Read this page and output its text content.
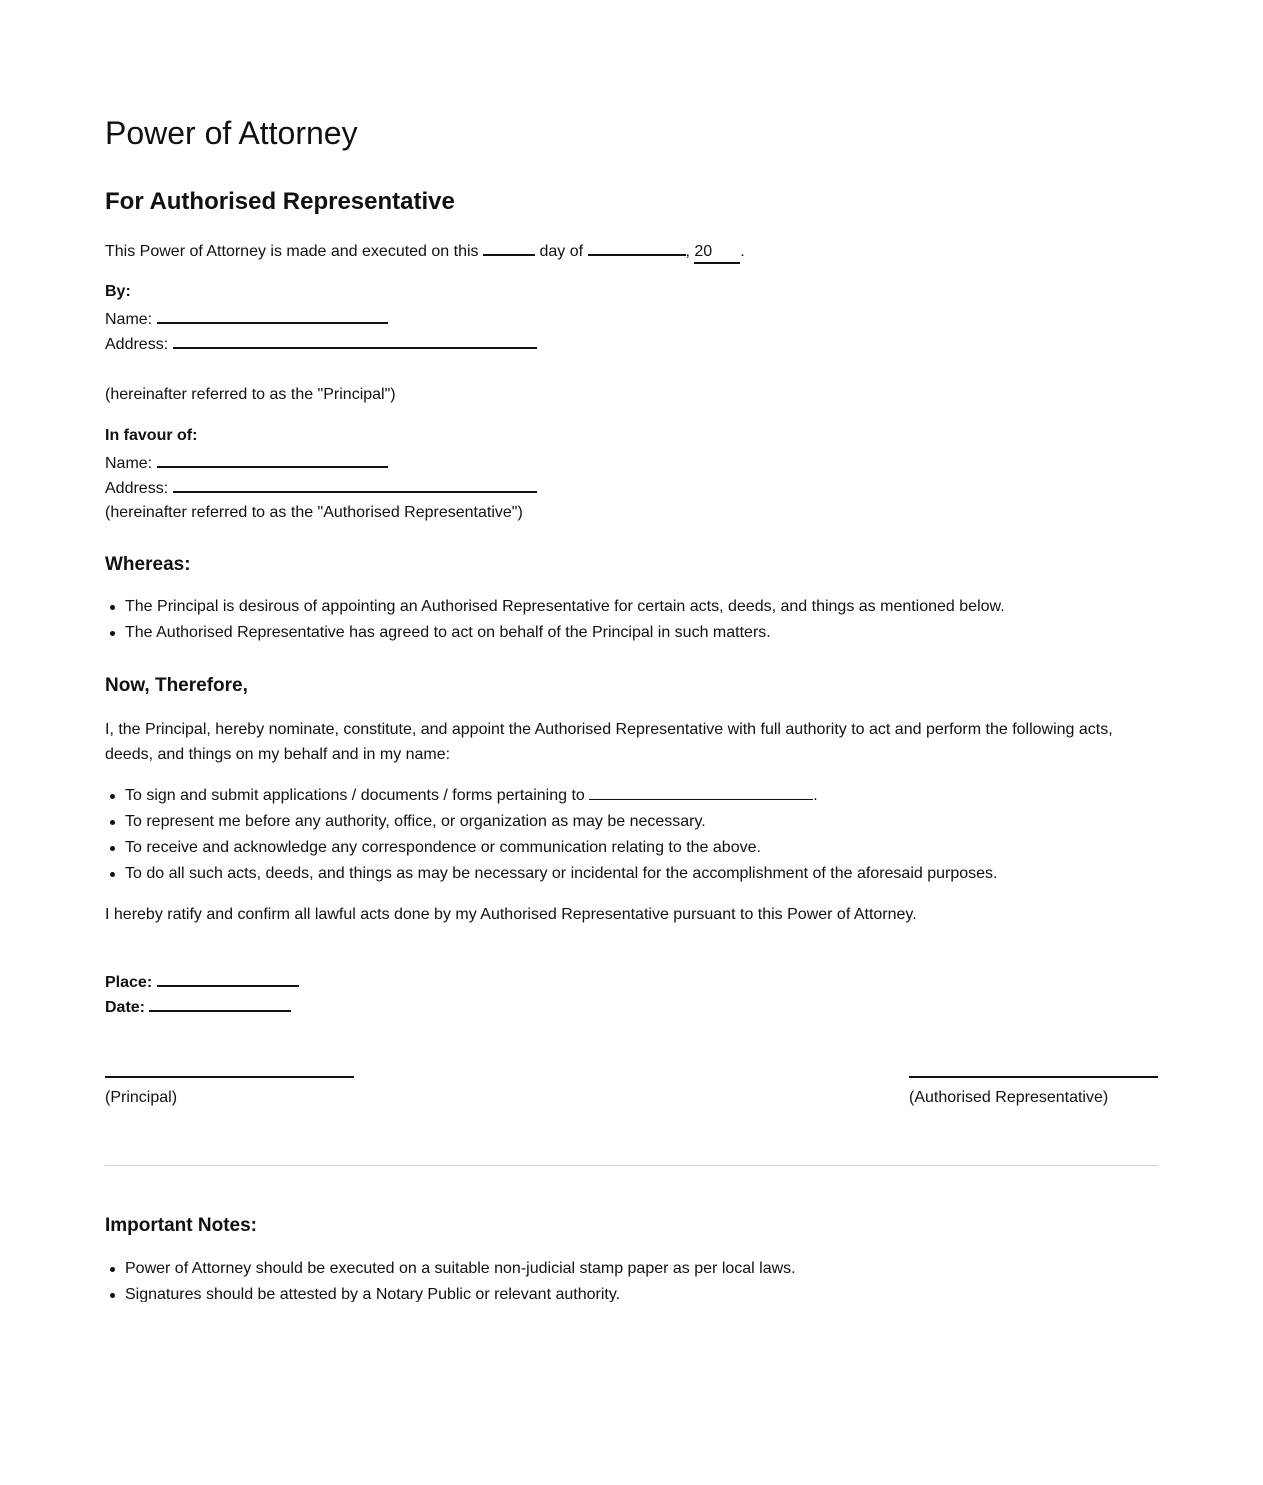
Power of Attorney
For Authorised Representative
This Power of Attorney is made and executed on this	day of	, 20 .
By:
Name:
Address:
(hereinafter referred to as the "Principal")
In favour of:
Name:
Address:
(hereinafter referred to as the "Authorised Representative")
Whereas:
The Principal is desirous of appointing an Authorised Representative for certain acts, deeds, and things as mentioned below.
The Authorised Representative has agreed to act on behalf of the Principal in such matters.
Now, Therefore,

I, the Principal, hereby nominate, constitute, and appoint the Authorised Representative with full authority to act and perform the following acts, deeds, and things on my behalf and in my name:

To sign and submit applications / documents / forms pertaining to	.
To represent me before any authority, office, or organization as may be necessary.
To receive and acknowledge any correspondence or communication relating to the above.
To do all such acts, deeds, and things as may be necessary or incidental for the accomplishment of the aforesaid purposes.
I hereby ratify and confirm all lawful acts done by my Authorised Representative pursuant to this Power of Attorney.
Place:
Date:
(Principal)	(Authorised Representative)
Important Notes:
Power of Attorney should be executed on a suitable non-judicial stamp paper as per local laws.
Signatures should be attested by a Notary Public or relevant authority.
